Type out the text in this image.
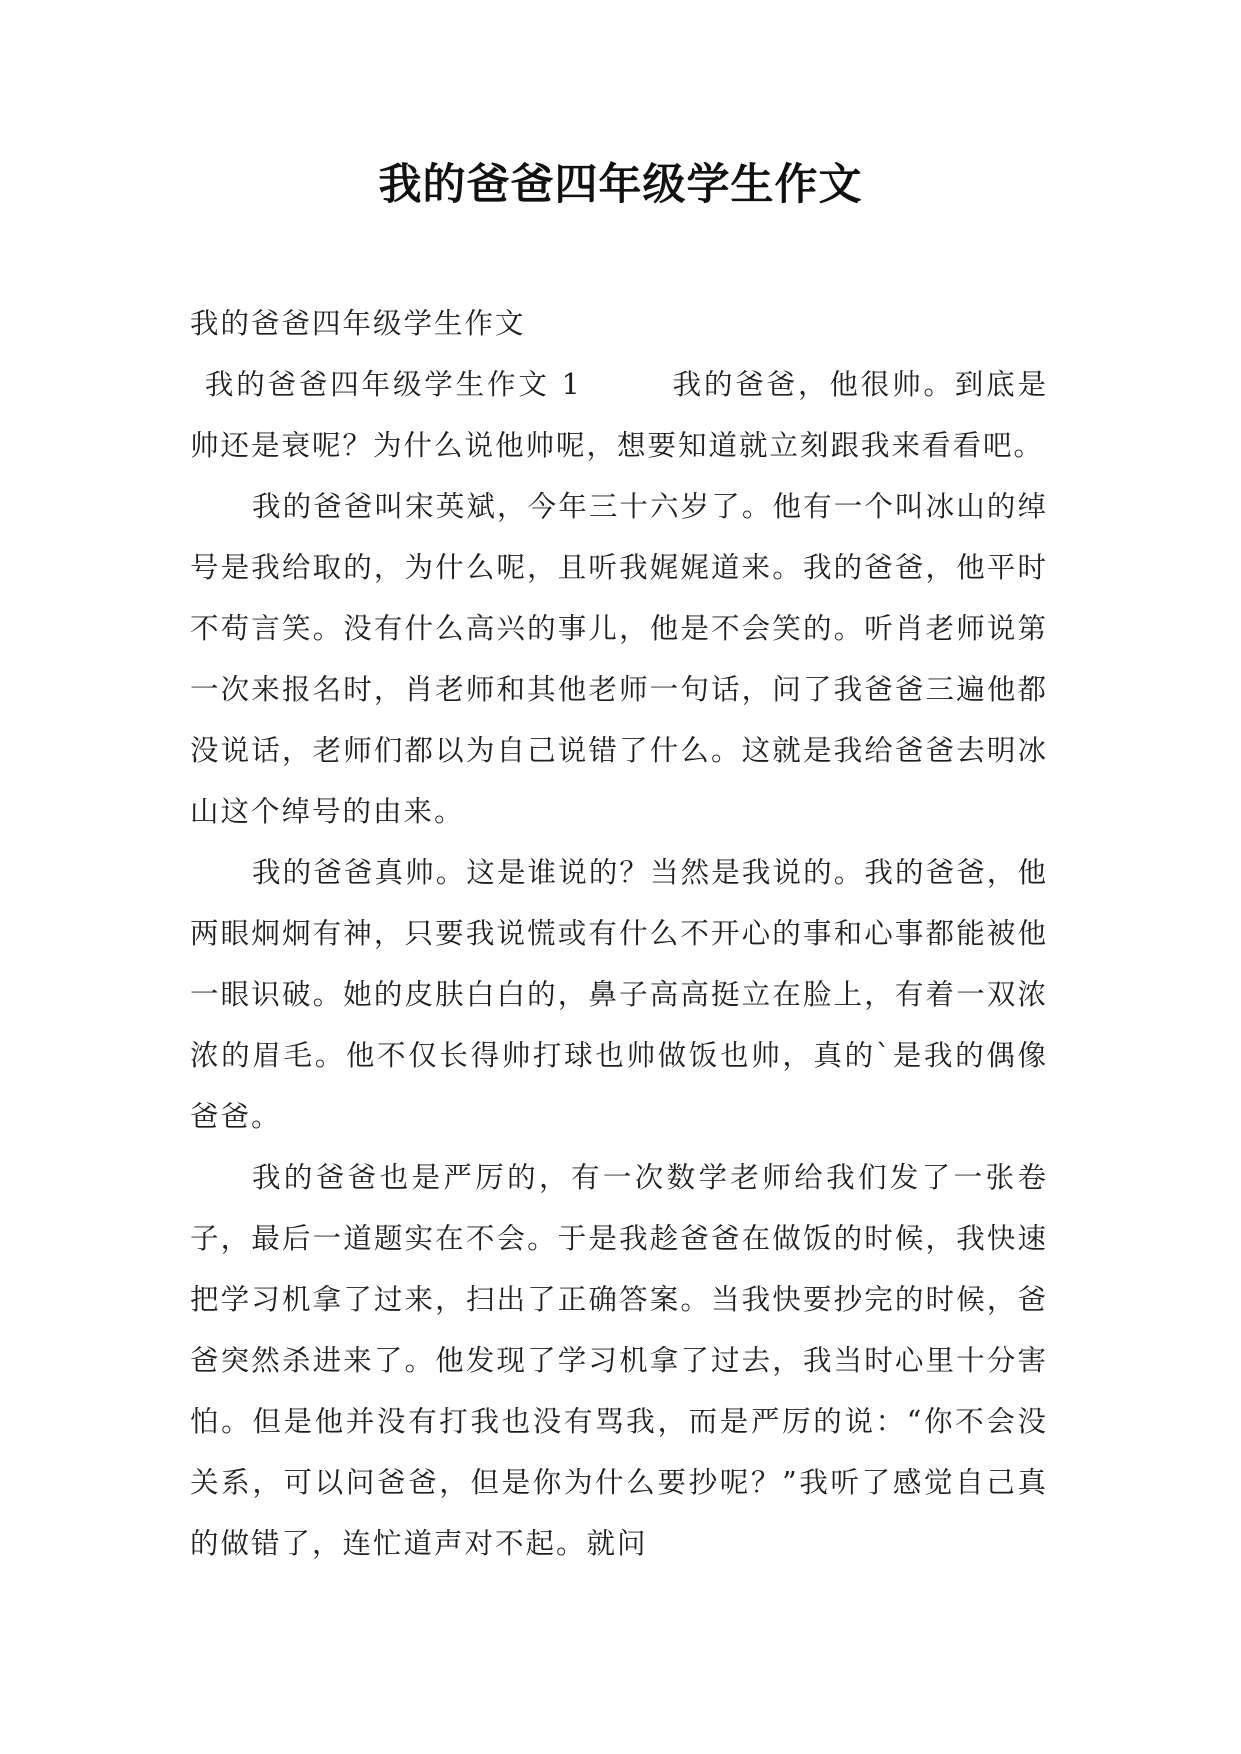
我的爸爸四年级学生作文
我的爸爸四年级学生作文

我的爸爸四年级学生作文 1	我的爸爸，他很帅。到底是帅还是衰呢？为什么说他帅呢，想要知道就立刻跟我来看看吧。

我的爸爸叫宋英斌，今年三十六岁了。他有一个叫冰山的绰号是我给取的，为什么呢，且听我娓娓道来。我的爸爸，他平时不苟言笑。没有什么高兴的事儿，他是不会笑的。听肖老师说第一次来报名时，肖老师和其他老师一句话，问了我爸爸三遍他都没说话，老师们都以为自己说错了什么。这就是我给爸爸去明冰山这个绰号的由来。

我的爸爸真帅。这是谁说的？当然是我说的。我的爸爸，他两眼炯炯有神，只要我说慌或有什么不开心的事和心事都能被他一眼识破。她的皮肤白白的，鼻子高高挺立在脸上，有着一双浓浓的眉毛。他不仅长得帅打球也帅做饭也帅，真的`是我的偶像爸爸。

我的爸爸也是严厉的，有一次数学老师给我们发了一张卷子，最后一道题实在不会。于是我趁爸爸在做饭的时候，我快速把学习机拿了过来，扫出了正确答案。当我快要抄完的时候，爸爸突然杀进来了。他发现了学习机拿了过去，我当时心里十分害怕。但是他并没有打我也没有骂我，而是严厉的说：“你不会没关系，可以问爸爸，但是你为什么要抄呢？”我听了感觉自己真的做错了，连忙道声对不起。就问
